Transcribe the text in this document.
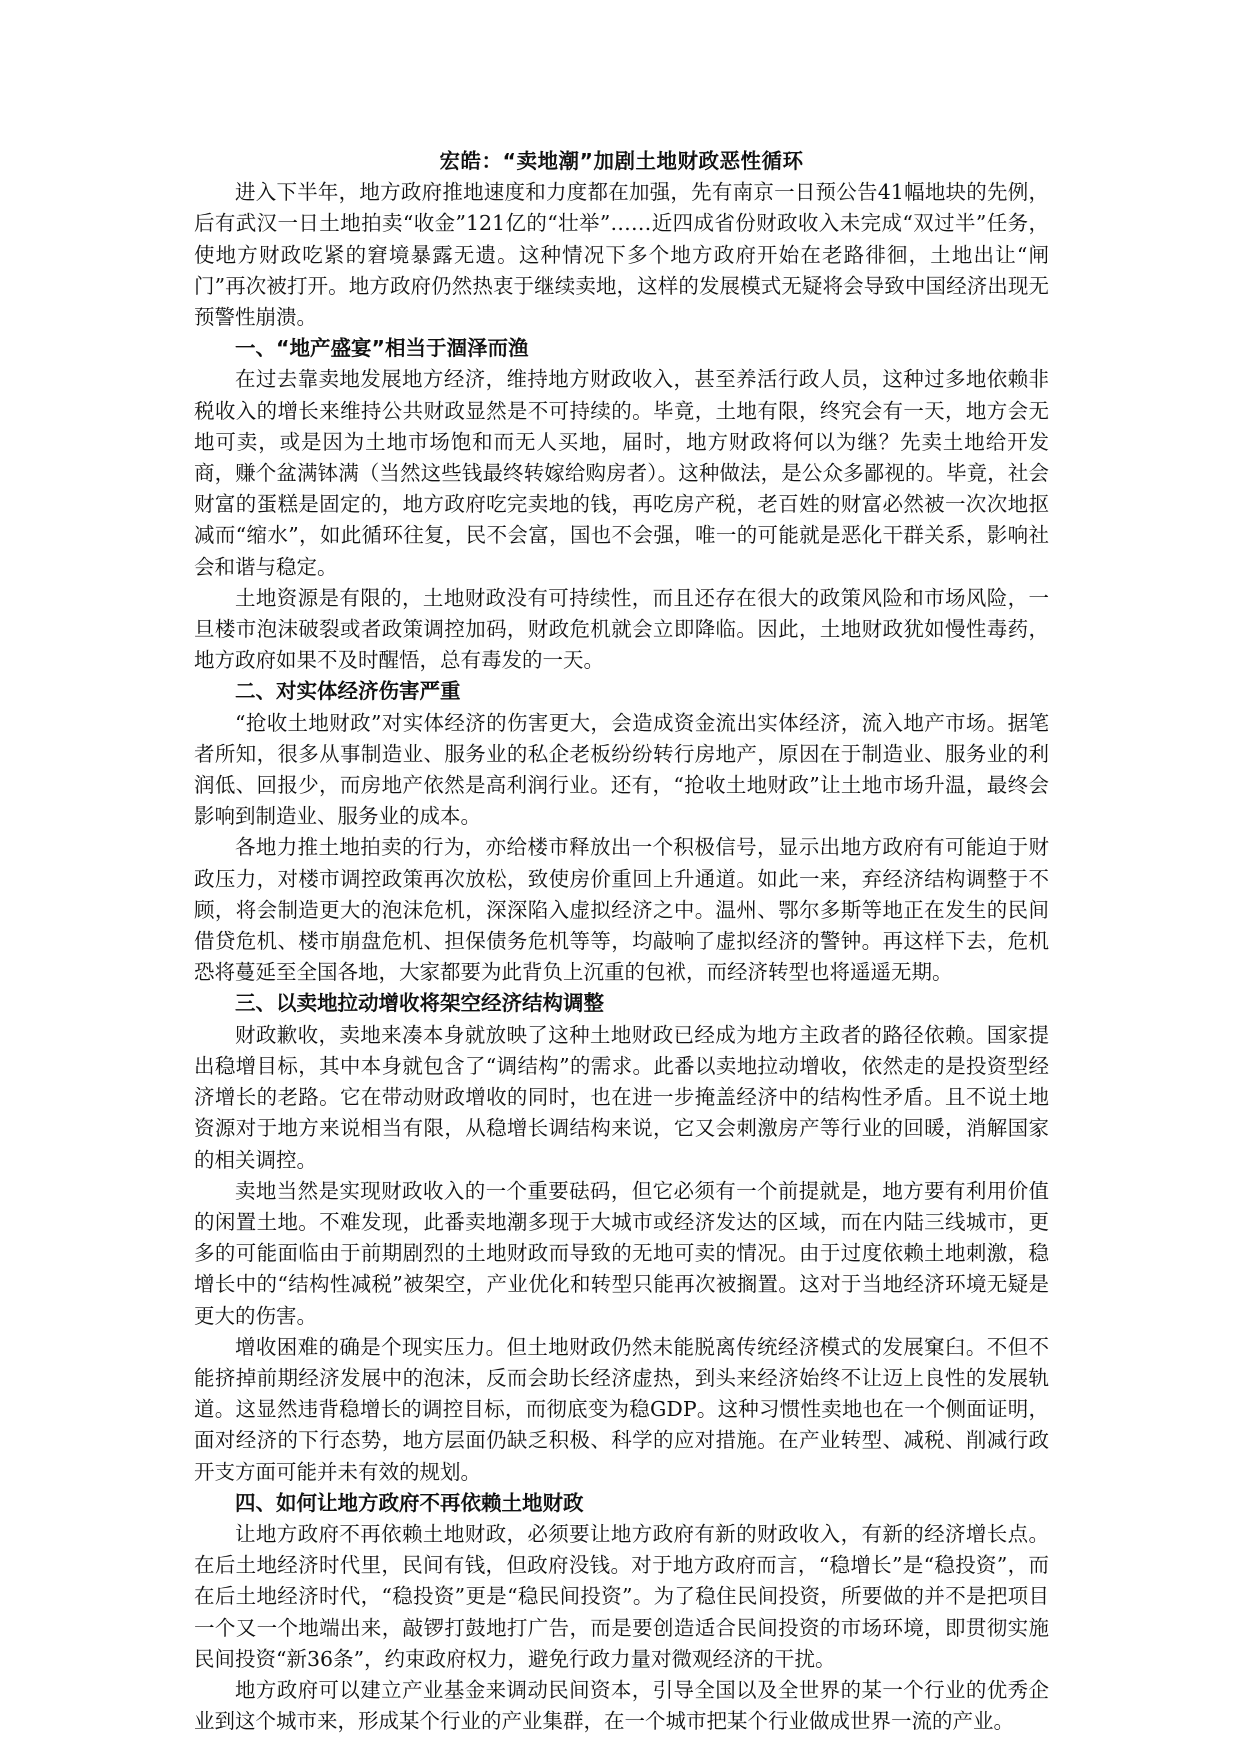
宏皓：“卖地潮”加剧土地财政恶性循环

进入下半年，地方政府推地速度和力度都在加强，先有南京一日预公告41幅地块的先例，后有武汉一日土地拍卖“收金”121亿的“壮举”……近四成省份财政收入未完成“双过半”任务，使地方财政吃紧的窘境暴露无遗。这种情况下多个地方政府开始在老路徘徊，土地出让“闸门”再次被打开。地方政府仍然热衷于继续卖地，这样的发展模式无疑将会导致中国经济出现无预警性崩溃。

一、“地产盛宴”相当于涸泽而渔

在过去靠卖地发展地方经济，维持地方财政收入，甚至养活行政人员，这种过多地依赖非税收入的增长来维持公共财政显然是不可持续的。毕竟，土地有限，终究会有一天，地方会无地可卖，或是因为土地市场饱和而无人买地，届时，地方财政将何以为继？先卖土地给开发商，赚个盆满钵满（当然这些钱最终转嫁给购房者）。这种做法，是公众多鄙视的。毕竟，社会财富的蛋糕是固定的，地方政府吃完卖地的钱，再吃房产税，老百姓的财富必然被一次次地抠减而“缩水”，如此循环往复，民不会富，国也不会强，唯一的可能就是恶化干群关系，影响社会和谐与稳定。

土地资源是有限的，土地财政没有可持续性，而且还存在很大的政策风险和市场风险，一旦楼市泡沫破裂或者政策调控加码，财政危机就会立即降临。因此，土地财政犹如慢性毒药，地方政府如果不及时醒悟，总有毒发的一天。

二、对实体经济伤害严重

“抢收土地财政”对实体经济的伤害更大，会造成资金流出实体经济，流入地产市场。据笔者所知，很多从事制造业、服务业的私企老板纷纷转行房地产，原因在于制造业、服务业的利润低、回报少，而房地产依然是高利润行业。还有，“抢收土地财政”让土地市场升温，最终会影响到制造业、服务业的成本。

各地力推土地拍卖的行为，亦给楼市释放出一个积极信号，显示出地方政府有可能迫于财政压力，对楼市调控政策再次放松，致使房价重回上升通道。如此一来，弃经济结构调整于不顾，将会制造更大的泡沫危机，深深陷入虚拟经济之中。温州、鄂尔多斯等地正在发生的民间借贷危机、楼市崩盘危机、担保债务危机等等，均敲响了虚拟经济的警钟。再这样下去，危机恐将蔓延至全国各地，大家都要为此背负上沉重的包袱，而经济转型也将遥遥无期。

三、以卖地拉动增收将架空经济结构调整

财政歉收，卖地来凑本身就放映了这种土地财政已经成为地方主政者的路径依赖。国家提出稳增目标，其中本身就包含了“调结构”的需求。此番以卖地拉动增收，依然走的是投资型经济增长的老路。它在带动财政增收的同时，也在进一步掩盖经济中的结构性矛盾。且不说土地资源对于地方来说相当有限，从稳增长调结构来说，它又会刺激房产等行业的回暖，消解国家的相关调控。

卖地当然是实现财政收入的一个重要砝码，但它必须有一个前提就是，地方要有利用价值的闲置土地。不难发现，此番卖地潮多现于大城市或经济发达的区域，而在内陆三线城市，更多的可能面临由于前期剧烈的土地财政而导致的无地可卖的情况。由于过度依赖土地刺激，稳增长中的“结构性减税”被架空，产业优化和转型只能再次被搁置。这对于当地经济环境无疑是更大的伤害。

增收困难的确是个现实压力。但土地财政仍然未能脱离传统经济模式的发展窠臼。不但不能挤掉前期经济发展中的泡沫，反而会助长经济虚热，到头来经济始终不让迈上良性的发展轨道。这显然违背稳增长的调控目标，而彻底变为稳GDP。这种习惯性卖地也在一个侧面证明，面对经济的下行态势，地方层面仍缺乏积极、科学的应对措施。在产业转型、减税、削减行政开支方面可能并未有效的规划。

四、如何让地方政府不再依赖土地财政

让地方政府不再依赖土地财政，必须要让地方政府有新的财政收入，有新的经济增长点。在后土地经济时代里，民间有钱，但政府没钱。对于地方政府而言，“稳增长”是“稳投资”，而在后土地经济时代，“稳投资”更是“稳民间投资”。为了稳住民间投资，所要做的并不是把项目一个又一个地端出来，敲锣打鼓地打广告，而是要创造适合民间投资的市场环境，即贯彻实施民间投资“新36条”，约束政府权力，避免行政力量对微观经济的干扰。

地方政府可以建立产业基金来调动民间资本，引导全国以及全世界的某一个行业的优秀企业到这个城市来，形成某个行业的产业集群，在一个城市把某个行业做成世界一流的产业。
